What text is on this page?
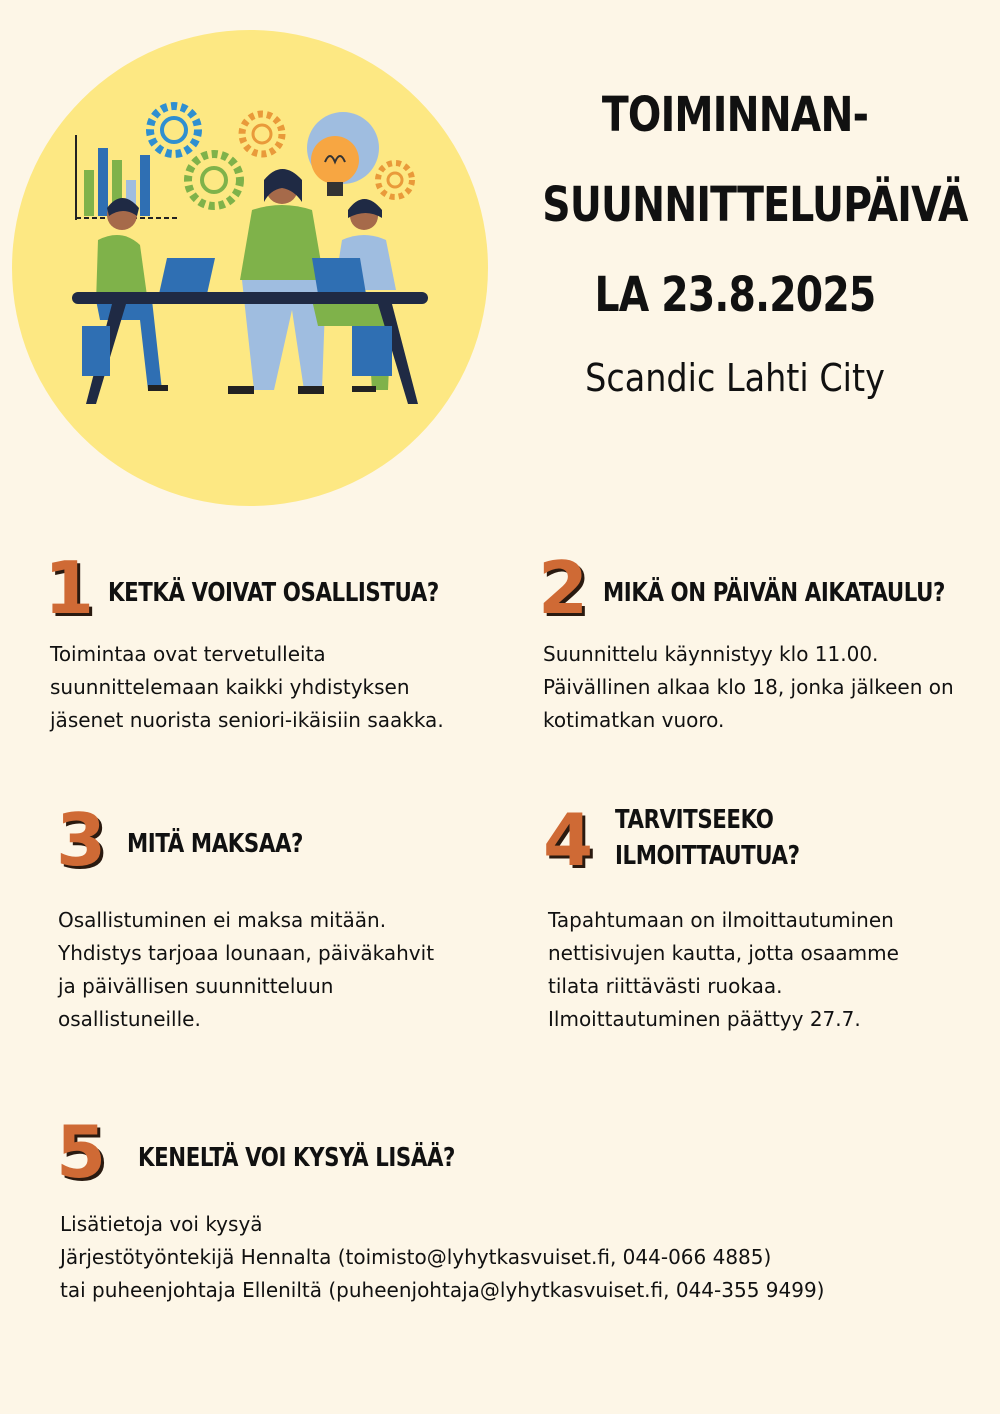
TOIMINNAN-
SUUNNITTELUPÄIVÄ
LA 23.8.2025
Scandic Lahti City
1 KETKÄ VOIVAT OSALLISTUA?
Toimintaa ovat tervetulleita
suunnittelemaan kaikki yhdistyksen
jäsenet nuorista seniori-ikäisiin saakka.
2 MIKÄ ON PÄIVÄN AIKATAULU?
Suunnittelu käynnistyy klo 11.00.
Päivällinen alkaa klo 18, jonka jälkeen on
kotimatkan vuoro.
3 MITÄ MAKSAA?
Osallistuminen ei maksa mitään.
Yhdistys tarjoaa lounaan, päiväkahvit
ja päivällisen suunnitteluun
osallistuneille.
4 TARVITSEEKO
ILMOITTAUTUA?
Tapahtumaan on ilmoittautuminen
nettisivujen kautta, jotta osaamme
tilata riittävästi ruokaa.
Ilmoittautuminen päättyy 27.7.
5 KENELTÄ VOI KYSYÄ LISÄÄ?
Lisätietoja voi kysyä
Järjestötyöntekijä Hennalta (toimisto@lyhytkasvuiset.fi, 044-066 4885)
tai puheenjohtaja Elleniltä (puheenjohtaja@lyhytkasvuiset.fi, 044-355 9499)
